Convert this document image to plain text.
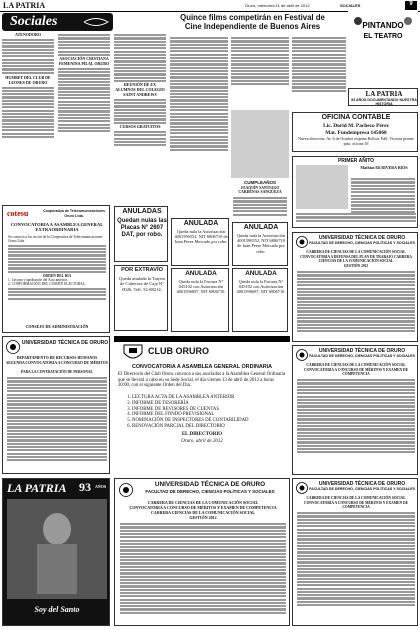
LA PATRIA	Oruro, miércoles 11 de abril de 2012	SOCIALES	9
Sociales	Quince films competirán en Festival de
Cine Independiente de Buenos Aires	PINTANDO
EL TEATRO
ATENODORO
HUMBET DEL CLUB DE LEONES DE ORURO
ASOCIACIÓN CRISTIANA FEMENINA PILAL ORURO
REUNIÓN DE EX ALUMNOS DEL COLEGIO SAINT ANDREWS
CURSOS GRATUITOS
LA PATRIA
93 AÑOS DOCUMENTANDO NUESTRA HISTORIA
CUMPLEAÑOS
JOAQUÍN SANTIAGO CARDENAS SANGÜEZA
OFICINA CONTABLE
Lic. Dorid M. Pacheco Pérez
Mat. Fundempresa 145068
Nueva dirección: Av. 6 de Octubre esquina Bolívar Edif. Victoria primer piso, oficina 16
PRIMER AÑITO
Mathías Elí RIVERA RIOS
cotesu	Cooperativa de Telecomunicaciones
Oruro Ltda.
CONVOCATORIA A ASAMBLEA GENERAL EXTRAORDINARIA
Se convoca a los socios de la Cooperativa de Telecomunicaciones Oruro Ltda.
ORDEN DEL DIA
1. Lectura y aprobación del Acta anterior.
2. CONFORMACIÓN DEL COMITÉ ELECTORAL.
CONSEJO DE ADMINISTRACIÓN
ANULADAS
Quedan nulas las Placas N° 2607 DAT, por robo.
ANULADA
Queda nula la Autorización 4001596552, NIT 6806710 de Juan Perez Mercado por robo.
ANULADA
Queda nula la Autorización 4001596552, NIT 6806710 de Juan Perez Mercado por robo.
POR EXTRAVÍO
Queda anulada la Tarjeta de Cabecera de Caja N° 0026, Telf. 52-88214.
ANULADA
Queda nula la Factura N° 045102 con Autorización 4001596697, NIT 6806710.
ANULADA
Queda nula la Factura N° 045102 con Autorización 4001596697, NIT 6806710.
UNIVERSIDAD TÉCNICA DE ORURO
FACULTAD DE DERECHO, CIENCIAS POLÍTICAS Y SOCIALES
CARRERA DE CIENCIAS DE LA COMUNICACIÓN SOCIAL
CONVOCATORIA A DEFENSA DEL PLAN DE TRABAJO CARRERA CIENCIAS DE LA COMUNICACIÓN SOCIAL
GESTIÓN 2012
UNIVERSIDAD TÉCNICA DE ORURO
DEPARTAMENTO DE RECURSOS HUMANOS
SEGUNDA CONVOCATORIA A CONCURSO DE MÉRITOS
PARA LA CONTRATACIÓN DE PERSONAL
CLUB ORURO
CONVOCATORIA A ASAMBLEA GENERAL ORDINARIA
El Directorio del Club Oruro convoca a sus asociados a la Asamblea General Ordinaria que se llevará a cabo en su Sede Social, el día viernes 13 de abril de 2012 a horas 20:00, con el siguiente Orden del Día:
1. LECTURA ACTA DE LA ASAMBLEA ANTERIOR
2. INFORME DE TESORERÍA
3. INFORME DE REVISORES DE CUENTAS
4. INFORME DEL FONDO PREVISIONAL
5. NOMINACIÓN DE INSPECTORES DE CONTABILIDAD
6. RENOVACIÓN PARCIAL DEL DIRECTORIO
EL DIRECTORIO
Oruro, abril de 2012
UNIVERSIDAD TÉCNICA DE ORURO
FACULTAD DE DERECHO, CIENCIAS POLÍTICAS Y SOCIALES
CARRERA DE CIENCIAS DE LA COMUNICACIÓN SOCIAL
CONVOCATORIA A CONCURSO DE MÉRITOS Y EXAMEN DE COMPETENCIA
LA PATRIA 93 AÑOS
Soy del Santo
UNIVERSIDAD TÉCNICA DE ORURO
FACULTAD DE DERECHO, CIENCIAS POLÍTICAS Y SOCIALES
CARRERA DE CIENCIAS DE LA COMUNICACIÓN SOCIAL
CONVOCATORIA A CONCURSO DE MÉRITOS Y EXAMEN DE COMPETENCIA
CARRERA CIENCIAS DE LA COMUNICACIÓN SOCIAL
GESTIÓN 2012
UNIVERSIDAD TÉCNICA DE ORURO
FACULTAD DE DERECHO, CIENCIAS POLÍTICAS Y SOCIALES
CARRERA DE CIENCIAS DE LA COMUNICACIÓN SOCIAL
CONVOCATORIA A CONCURSO DE MÉRITOS Y EXAMEN DE COMPETENCIA
